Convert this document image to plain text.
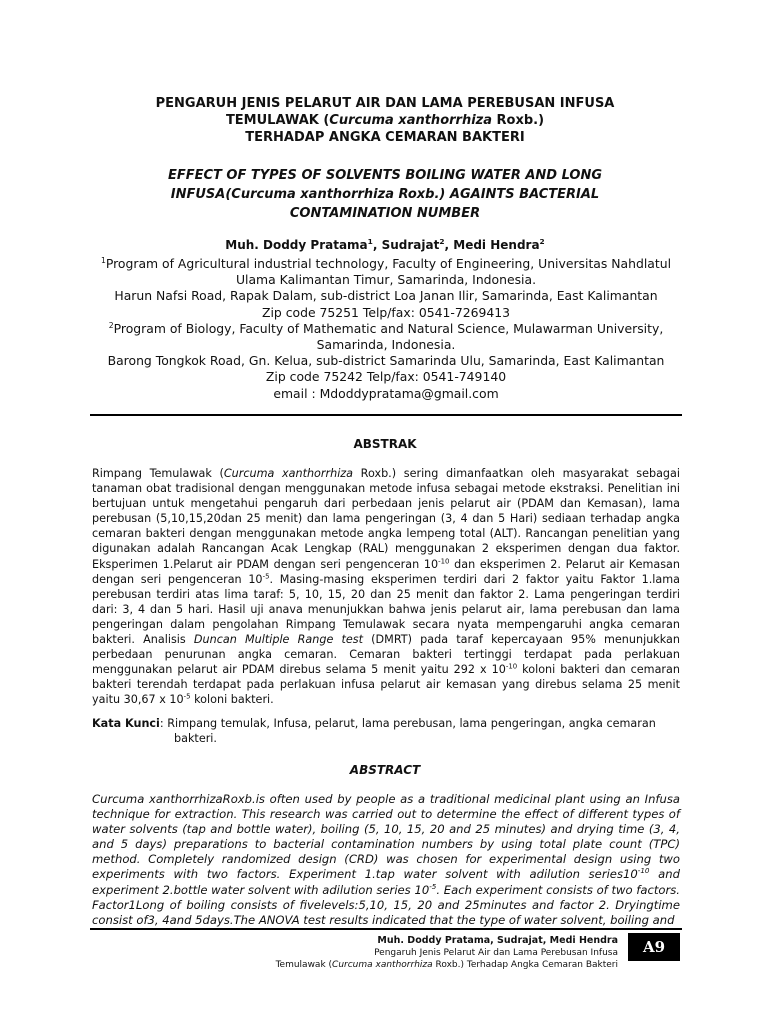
PENGARUH JENIS PELARUT AIR DAN LAMA PEREBUSAN INFUSA
TEMULAWAK (Curcuma xanthorrhiza Roxb.)
TERHADAP ANGKA CEMARAN BAKTERI
EFFECT OF TYPES OF SOLVENTS BOILING WATER AND LONG
INFUSA(Curcuma xanthorrhiza Roxb.) AGAINTS BACTERIAL
CONTAMINATION NUMBER
Muh. Doddy Pratama$^1$, Sudrajat$^2$, Medi Hendra$^2$
$^1$Program of Agricultural industrial technology, Faculty of Engineering, Universitas Nahdlatul
Ulama Kalimantan Timur, Samarinda, Indonesia.
Harun Nafsi Road, Rapak Dalam, sub-district Loa Janan Ilir, Samarinda, East Kalimantan
Zip code 75251 Telp/fax: 0541-7269413
$^2$Program of Biology, Faculty of Mathematic and Natural Science, Mulawarman University,
Samarinda, Indonesia.
Barong Tongkok Road, Gn. Kelua, sub-district Samarinda Ulu, Samarinda, East Kalimantan
Zip code 75242 Telp/fax: 0541-749140
email : Mdoddypratama@gmail.com
ABSTRAK
Rimpang Temulawak (Curcuma xanthorrhiza Roxb.) sering dimanfaatkan oleh masyarakat sebagai tanaman obat tradisional dengan menggunakan metode infusa sebagai metode ekstraksi. Penelitian ini bertujuan untuk mengetahui pengaruh dari perbedaan jenis pelarut air (PDAM dan Kemasan), lama perebusan (5,10,15,20dan 25 menit) dan lama pengeringan (3, 4 dan 5 Hari) sediaan terhadap angka cemaran bakteri dengan menggunakan metode angka lempeng total (ALT). Rancangan penelitian yang digunakan adalah Rancangan Acak Lengkap (RAL) menggunakan 2 eksperimen dengan dua faktor. Eksperimen 1.Pelarut air PDAM dengan seri pengenceran $10^{-10}$ dan eksperimen 2. Pelarut air Kemasan dengan seri pengenceran $10^{-5}$. Masing-masing eksperimen terdiri dari 2 faktor yaitu Faktor 1.lama perebusan terdiri atas lima taraf: 5, 10, 15, 20 dan 25 menit dan faktor 2. Lama pengeringan terdiri dari: 3, 4 dan 5 hari. Hasil uji anava menunjukkan bahwa jenis pelarut air, lama perebusan dan lama pengeringan dalam pengolahan Rimpang Temulawak secara nyata mempengaruhi angka cemaran bakteri. Analisis Duncan Multiple Range test (DMRT) pada taraf kepercayaan 95% menunjukkan perbedaan penurunan angka cemaran. Cemaran bakteri tertinggi terdapat pada perlakuan menggunakan pelarut air PDAM direbus selama 5 menit yaitu 292 x $10^{-10}$ koloni bakteri dan cemaran bakteri terendah terdapat pada perlakuan infusa pelarut air kemasan yang direbus selama 25 menit yaitu 30,67 x $10^{-5}$ koloni bakteri.
Kata Kunci: Rimpang temulak, Infusa, pelarut, lama perebusan, lama pengeringan, angka cemaran
bakteri.
ABSTRACT
Curcuma xanthorrhizaRoxb.is often used by people as a traditional medicinal plant using an Infusa technique for extraction. This research was carried out to determine the effect of different types of water solvents (tap and bottle water), boiling (5, 10, 15, 20 and 25 minutes) and drying time (3, 4, and 5 days) preparations to bacterial contamination numbers by using total plate count (TPC) method. Completely randomized design (CRD) was chosen for experimental design using two experiments with two factors. Experiment 1.tap water solvent with adilution $series10^{-10}$ and experiment 2.bottle water solvent with adilution series $10^{-5}$. Each experiment consists of two factors. Factor1Long of boiling consists of fivelevels:5,10, 15, 20 and 25minutes and factor 2. Dryingtime consist of3, 4and 5days.The ANOVA test results indicated that the type of water solvent, boiling and
Muh. Doddy Pratama, Sudrajat, Medi Hendra
Pengaruh Jenis Pelarut Air dan Lama Perebusan Infusa
Temulawak (Curcuma xanthorrhiza Roxb.) Terhadap Angka Cemaran Bakteri
A9
